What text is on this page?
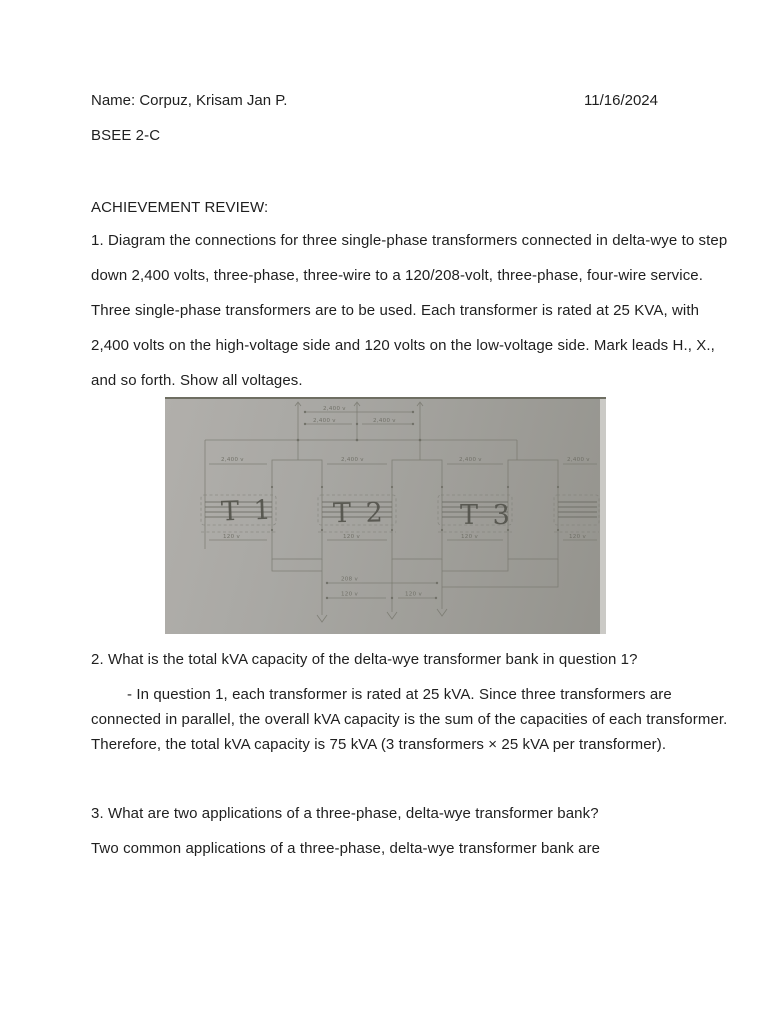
Name: Corpuz, Krisam Jan P.	11/16/2024
BSEE 2-C
ACHIEVEMENT REVIEW:
1. Diagram the connections for three single-phase transformers connected in delta-wye to step
down 2,400 volts, three-phase, three-wire to a 120/208-volt, three-phase, four-wire service.
Three single-phase transformers are to be used. Each transformer is rated at 25 KVA, with
2,400 volts on the high-voltage side and 120 volts on the low-voltage side. Mark leads H., X.,
and so forth. Show all voltages.
2,400 v
2,400 v	2,400 v
2,400 v	2,400 v	2,400 v	2,400 v
T 1 T 2	T 3
120 v	120 v	120 v	120 v
208 v
120 v	120 v
2. What is the total kVA capacity of the delta-wye transformer bank in question 1?
- In question 1, each transformer is rated at 25 kVA. Since three transformers are
connected in parallel, the overall kVA capacity is the sum of the capacities of each transformer.
Therefore, the total kVA capacity is 75 kVA (3 transformers × 25 kVA per transformer).
3. What are two applications of a three-phase, delta-wye transformer bank?
Two common applications of a three-phase, delta-wye transformer bank are
